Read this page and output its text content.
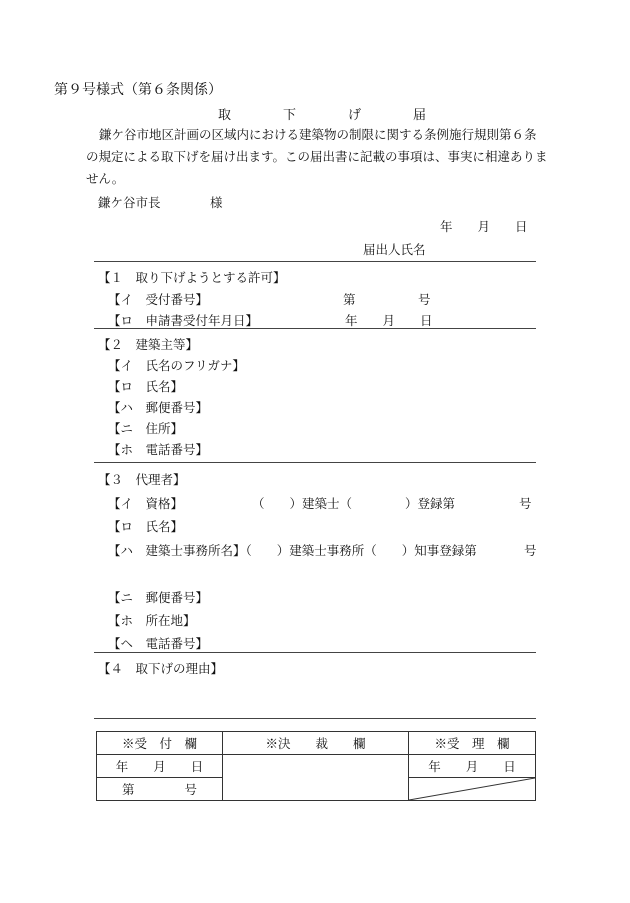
第９号様式（第６条関係）
取　　　　下　　　　げ　　　　届
鎌ケ谷市地区計画の区域内における建築物の制限に関する条例施行規則第６条の規定による取下げを届け出ます。この届出書に記載の事項は、事実に相違ありません。
鎌ケ谷市長	様
年　　月　　日
届出人氏名
【１　取り下げようとする許可】
【イ　受付番号】	第　　　　　号
【ロ　申請書受付年月日】	年　　月　　日
【２　建築主等】
【イ　氏名のフリガナ】
【ロ　氏名】
【ハ　郵便番号】
【ニ　住所】
【ホ　電話番号】
【３　代理者】
【イ　資格】	（　　）建築士（	）登録第	号
【ロ　氏名】
【ハ　建築士事務所名】（　　）建築士事務所（　　）知事登録第	号
【ニ　郵便番号】
【ホ　所在地】
【ヘ　電話番号】
【４　取下げの理由】
※受　付　欄	※決　　裁　　欄	※受　理　欄
年　　月　　日		年　　月　　日
第　　　　号	
